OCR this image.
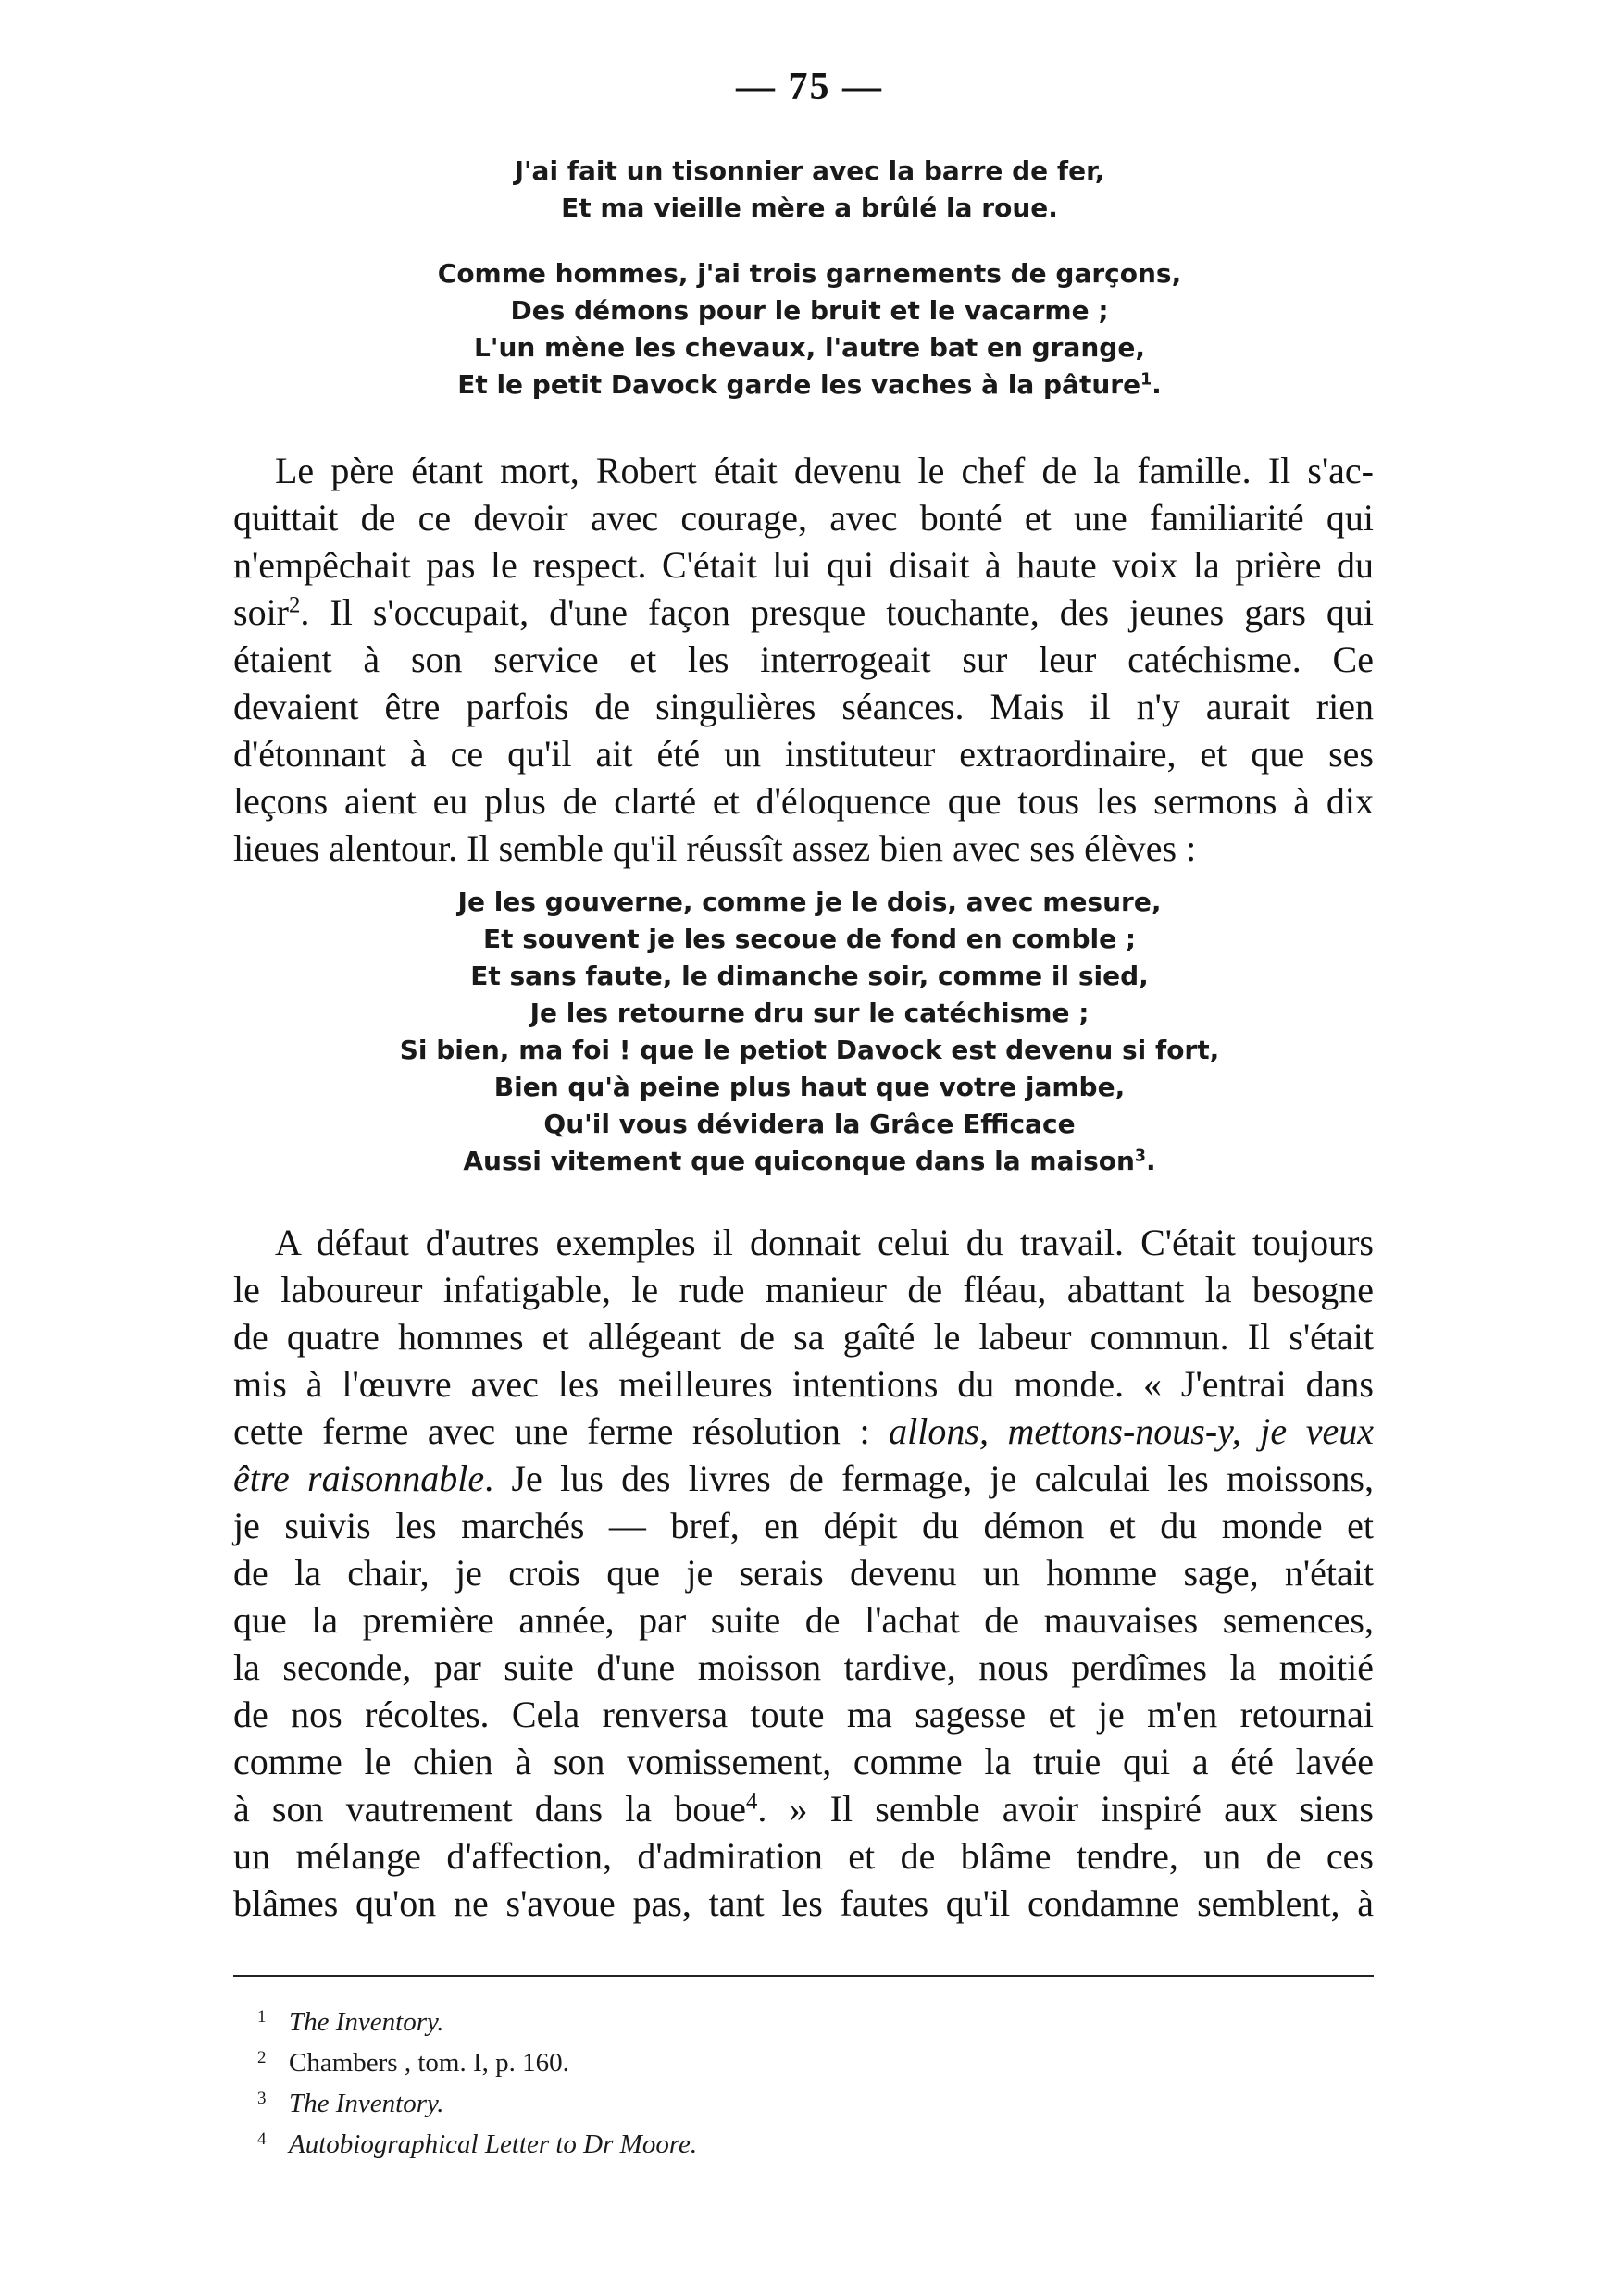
— 75 —
J'ai fait un tisonnier avec la barre de fer,
Et ma vieille mère a brûlé la roue.
Comme hommes, j'ai trois garnements de garçons,
Des démons pour le bruit et le vacarme ;
L'un mène les chevaux, l'autre bat en grange,
Et le petit Davock garde les vaches à la pâture$^1$.
Le père étant mort, Robert était devenu le chef de la famille. Il s'ac-
quittait de ce devoir avec courage, avec bonté et une familiarité qui
n'empêchait pas le respect. C'était lui qui disait à haute voix la prière du
soir$^2$. Il s'occupait, d'une façon presque touchante, des jeunes gars qui
étaient à son service et les interrogeait sur leur catéchisme. Ce
devaient être parfois de singulières séances. Mais il n'y aurait rien
d'étonnant à ce qu'il ait été un instituteur extraordinaire, et que ses
leçons aient eu plus de clarté et d'éloquence que tous les sermons à dix
lieues alentour. Il semble qu'il réussît assez bien avec ses élèves :
Je les gouverne, comme je le dois, avec mesure,
Et souvent je les secoue de fond en comble ;
Et sans faute, le dimanche soir, comme il sied,
Je les retourne dru sur le catéchisme ;
Si bien, ma foi ! que le petiot Davock est devenu si fort,
Bien qu'à peine plus haut que votre jambe,
Qu'il vous dévidera la Grâce Efficace
Aussi vitement que quiconque dans la maison$^3$.
A défaut d'autres exemples il donnait celui du travail. C'était toujours
le laboureur infatigable, le rude manieur de fléau, abattant la besogne
de quatre hommes et allégeant de sa gaîté le labeur commun. Il s'était
mis à l'œuvre avec les meilleures intentions du monde. « J'entrai dans
cette ferme avec une ferme résolution : allons, mettons-nous-y, je veux
être raisonnable. Je lus des livres de fermage, je calculai les moissons,
je suivis les marchés — bref, en dépit du démon et du monde et
de la chair, je crois que je serais devenu un homme sage, n'était
que la première année, par suite de l'achat de mauvaises semences,
la seconde, par suite d'une moisson tardive, nous perdîmes la moitié
de nos récoltes. Cela renversa toute ma sagesse et je m'en retournai
comme le chien à son vomissement, comme la truie qui a été lavée
à son vautrement dans la boue$^4$. » Il semble avoir inspiré aux siens
un mélange d'affection, d'admiration et de blâme tendre, un de ces
blâmes qu'on ne s'avoue pas, tant les fautes qu'il condamne semblent, à
1 The Inventory.
2 Chambers , tom. I, p. 160.
3 The Inventory.
4 Autobiographical Letter to Dr Moore.
